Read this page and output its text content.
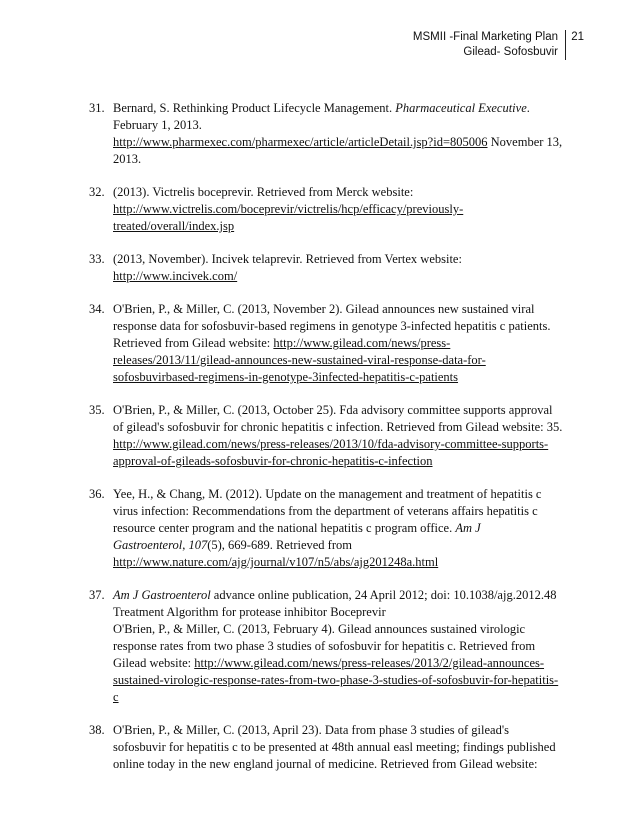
MSMII -Final Marketing Plan
Gilead- Sofosbuvir
21
31. Bernard, S. Rethinking Product Lifecycle Management. Pharmaceutical Executive.
February 1, 2013.
http://www.pharmexec.com/pharmexec/article/articleDetail.jsp?id=805006 November 13,
2013.
32. (2013). Victrelis boceprevir. Retrieved from Merck website:
http://www.victrelis.com/boceprevir/victrelis/hcp/efficacy/previously-
treated/overall/index.jsp
33. (2013, November). Incivek telaprevir. Retrieved from Vertex website:
http://www.incivek.com/
34. O'Brien, P., & Miller, C. (2013, November 2). Gilead announces new sustained viral
response data for sofosbuvir-based regimens in genotype 3-infected hepatitis c patients.
Retrieved from Gilead website: http://www.gilead.com/news/press-
releases/2013/11/gilead-announces-new-sustained-viral-response-data-for-
sofosbuvirbased-regimens-in-genotype-3infected-hepatitis-c-patients
35. O'Brien, P., & Miller, C. (2013, October 25). Fda advisory committee supports approval
of gilead's sofosbuvir for chronic hepatitis c infection. Retrieved from Gilead website: 35.
http://www.gilead.com/news/press-releases/2013/10/fda-advisory-committee-supports-
approval-of-gileads-sofosbuvir-for-chronic-hepatitis-c-infection
36. Yee, H., & Chang, M. (2012). Update on the management and treatment of hepatitis c
virus infection: Recommendations from the department of veterans affairs hepatitis c
resource center program and the national hepatitis c program office. Am J
Gastroenterol, 107(5), 669-689. Retrieved from
http://www.nature.com/ajg/journal/v107/n5/abs/ajg201248a.html
37. Am J Gastroenterol advance online publication, 24 April 2012; doi: 10.1038/ajg.2012.48
Treatment Algorithm for protease inhibitor Boceprevir
O'Brien, P., & Miller, C. (2013, February 4). Gilead announces sustained virologic
response rates from two phase 3 studies of sofosbuvir for hepatitis c. Retrieved from
Gilead website: http://www.gilead.com/news/press-releases/2013/2/gilead-announces-
sustained-virologic-response-rates-from-two-phase-3-studies-of-sofosbuvir-for-hepatitis-
c
38. O'Brien, P., & Miller, C. (2013, April 23). Data from phase 3 studies of gilead's
sofosbuvir for hepatitis c to be presented at 48th annual easl meeting; findings published
online today in the new england journal of medicine. Retrieved from Gilead website:
